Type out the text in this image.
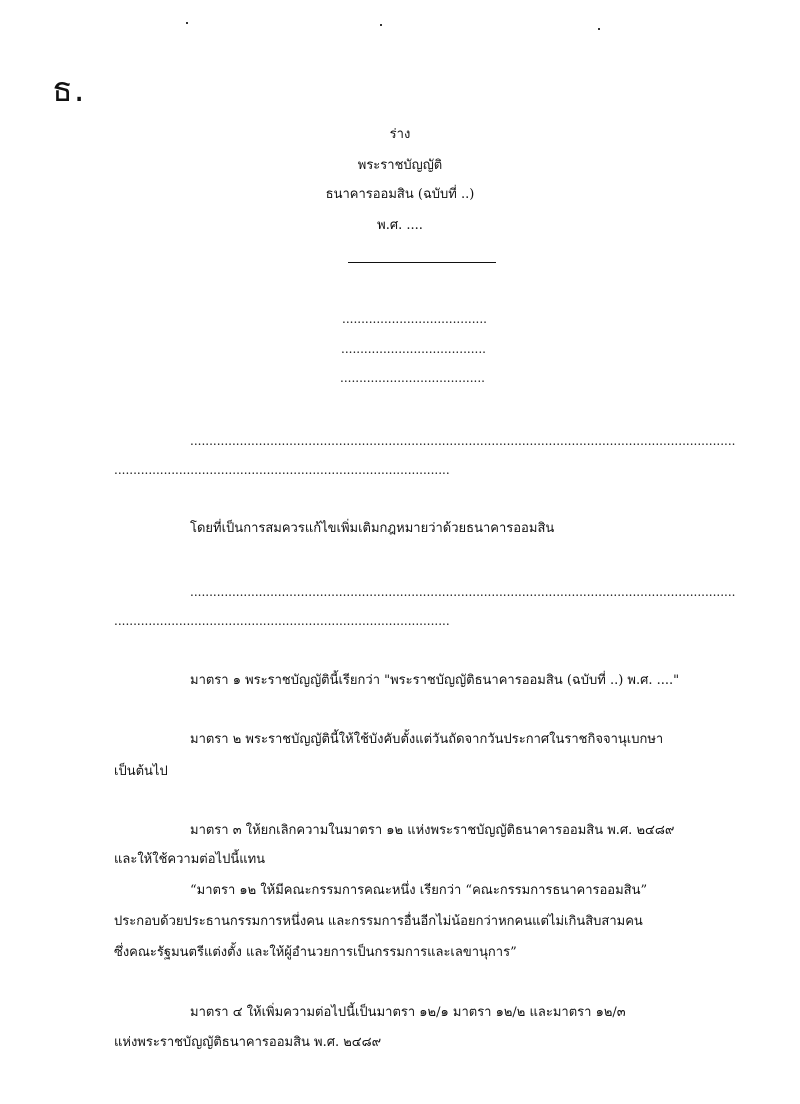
ธ.
ร่าง
พระราชบัญญัติ
ธนาคารออมสิน (ฉบับที่ ..)
พ.ศ. ....
......................................
......................................
......................................
...............................................................................................................................................
........................................................................................
โดยที่เป็นการสมควรแก้ไขเพิ่มเติมกฎหมายว่าด้วยธนาคารออมสิน
...............................................................................................................................................
........................................................................................
มาตรา ๑ พระราชบัญญัตินี้เรียกว่า "พระราชบัญญัติธนาคารออมสิน (ฉบับที่ ..) พ.ศ. ...."
มาตรา ๒ พระราชบัญญัตินี้ให้ใช้บังคับตั้งแต่วันถัดจากวันประกาศในราชกิจจานุเบกษา
เป็นต้นไป
มาตรา ๓ ให้ยกเลิกความในมาตรา ๑๒ แห่งพระราชบัญญัติธนาคารออมสิน พ.ศ. ๒๔๘๙
และให้ใช้ความต่อไปนี้แทน
“มาตรา ๑๒ ให้มีคณะกรรมการคณะหนึ่ง เรียกว่า “คณะกรรมการธนาคารออมสิน”
ประกอบด้วยประธานกรรมการหนึ่งคน และกรรมการอื่นอีกไม่น้อยกว่าหกคนแต่ไม่เกินสิบสามคน
ซึ่งคณะรัฐมนตรีแต่งตั้ง และให้ผู้อำนวยการเป็นกรรมการและเลขานุการ”
มาตรา ๔ ให้เพิ่มความต่อไปนี้เป็นมาตรา ๑๒/๑ มาตรา ๑๒/๒ และมาตรา ๑๒/๓
แห่งพระราชบัญญัติธนาคารออมสิน พ.ศ. ๒๔๘๙
